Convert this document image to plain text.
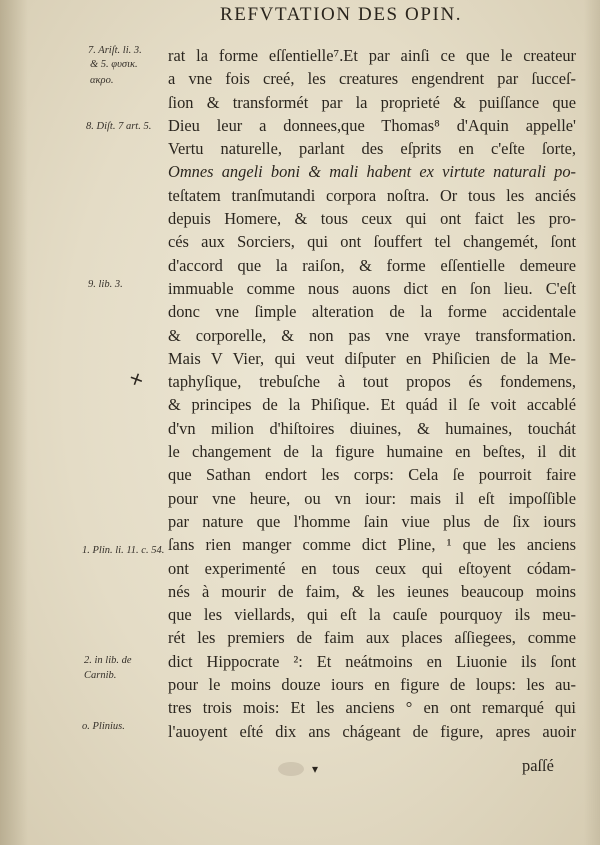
REFVTATION DES OPIN.
7. Ariſt. li. 3.
& 5. φυσικ.
ακρο.
8. Diſt. 7 art. 5.
9. lib. 3.
1. Plin. li. 11. c. 54.
2. in lib. de
Carnib.
o. Plinius.
rat la forme eſſentielle⁷.Et par ainſi ce que le createur
a vne fois creé, les creatures engendrent par ſucceſ-
ſion & transformét par la proprieté & puiſſance que
Dieu leur a donnees,que Thomas⁸ d'Aquin appelle'
Vertu naturelle, parlant des eſprits en c'eſte ſorte,
Omnes angeli boni & mali habent ex virtute naturali po-
teſtatem tranſmutandi corpora noſtra. Or tous les anciés
depuis Homere, & tous ceux qui ont faict les pro-
cés aux Sorciers, qui ont ſouffert tel changemét, ſont
d'accord que la raiſon, & forme eſſentielle demeure
immuable comme nous auons dict en ſon lieu. C'eſt
donc vne ſimple alteration de la forme accidentale
& corporelle, & non pas vne vraye transformation.
Mais V Vier, qui veut diſputer en Phiſicien de la Me-
taphyſique, trebuſche à tout propos és fondemens,
& principes de la Phiſique. Et quád il ſe voit accablé
d'vn milion d'hiſtoires diuines, & humaines, touchát
le changement de la figure humaine en beſtes, il dit
que Sathan endort les corps: Cela ſe pourroit faire
pour vne heure, ou vn iour: mais il eſt impoſſible
par nature que l'homme ſain viue plus de ſix iours
ſans rien manger comme dict Pline, ¹ que les anciens
ont experimenté en tous ceux qui eſtoyent códam-
nés à mourir de faim, & les ieunes beaucoup moins
que les viellards, qui eſt la cauſe pourquoy ils meu-
rét les premiers de faim aux places aſſiegees, comme
dict Hippocrate ²: Et neátmoins en Liuonie ils ſont
pour le moins douze iours en figure de loups: les au-
tres trois mois: Et les anciens ° en ont remarqué qui
l'auoyent eſté dix ans chágeant de figure, apres auoir
✕
▾	paſſé
